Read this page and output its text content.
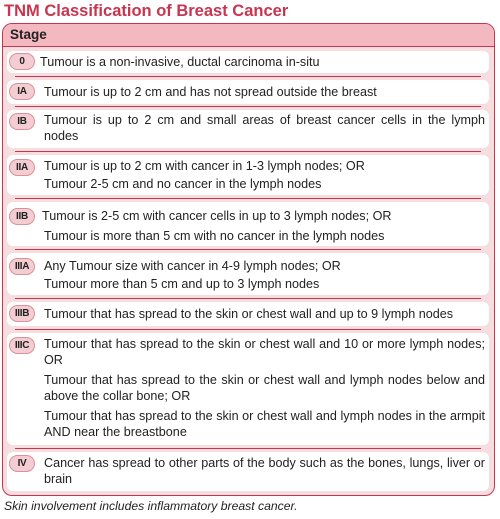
TNM Classification of Breast Cancer
Stage
0	Tumour is a non-invasive, ductal carcinoma in-situ
IA	Tumour is up to 2 cm and has not spread outside the breast
IB	Tumour is up to 2 cm and small areas of breast cancer cells in the lymph nodes
IIA	Tumour is up to 2 cm with cancer in 1-3 lymph nodes; OR
Tumour 2-5 cm and no cancer in the lymph nodes
IIB	Tumour is 2-5 cm with cancer cells in up to 3 lymph nodes; OR
Tumour is more than 5 cm with no cancer in the lymph nodes
IIIA	Any Tumour size with cancer in 4-9 lymph nodes; OR
Tumour more than 5 cm and up to 3 lymph nodes
IIIB	Tumour that has spread to the skin or chest wall and up to 9 lymph nodes
IIIC	Tumour that has spread to the skin or chest wall and 10 or more lymph nodes; OR
Tumour that has spread to the skin or chest wall and lymph nodes below and above the collar bone; OR
Tumour that has spread to the skin or chest wall and lymph nodes in the armpit AND near the breastbone
IV	Cancer has spread to other parts of the body such as the bones, lungs, liver or brain
Skin involvement includes inflammatory breast cancer.
